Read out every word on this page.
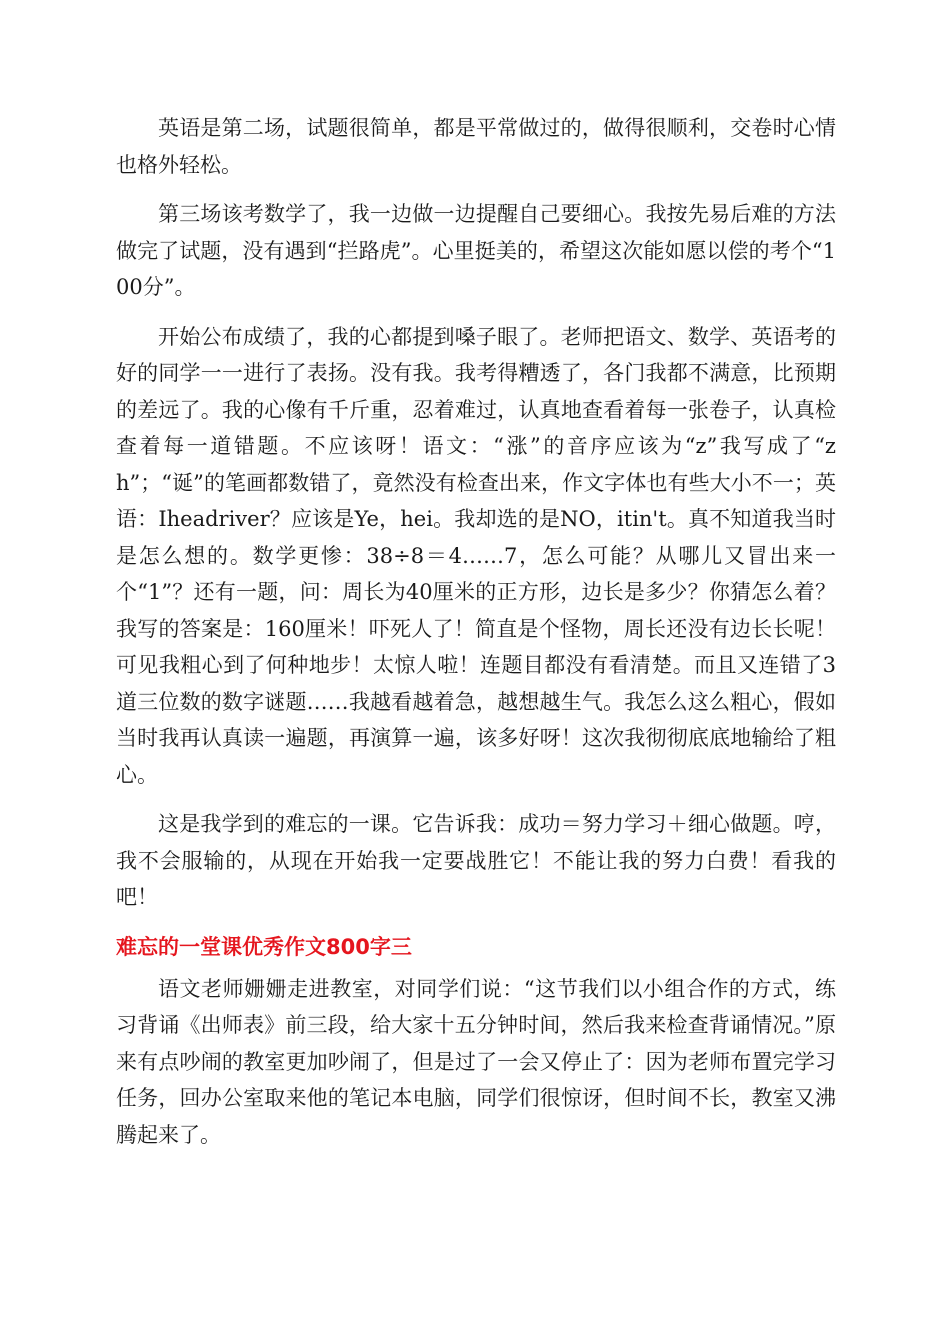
英语是第二场，试题很简单，都是平常做过的，做得很顺利，交卷时心情也格外轻松。

第三场该考数学了，我一边做一边提醒自己要细心。我按先易后难的方法做完了试题，没有遇到“拦路虎”。心里挺美的，希望这次能如愿以偿的考个“100分”。

开始公布成绩了，我的心都提到嗓子眼了。老师把语文、数学、英语考的好的同学一一进行了表扬。没有我。我考得糟透了，各门我都不满意，比预期的差远了。我的心像有千斤重，忍着难过，认真地查看着每一张卷子，认真检查着每一道错题。不应该呀！语文：“涨”的音序应该为“z”我写成了“zh”；“诞”的笔画都数错了，竟然没有检查出来，作文字体也有些大小不一；英语：Iheadriver？应该是Ye，hei。我却选的是NO，itin't。真不知道我当时是怎么想的。数学更惨：38÷8＝4……7，怎么可能？从哪儿又冒出来一个“1”？还有一题，问：周长为40厘米的正方形，边长是多少？你猜怎么着？我写的答案是：160厘米！吓死人了！简直是个怪物，周长还没有边长长呢！可见我粗心到了何种地步！太惊人啦！连题目都没有看清楚。而且又连错了3道三位数的数字谜题……我越看越着急，越想越生气。我怎么这么粗心，假如当时我再认真读一遍题，再演算一遍，该多好呀！这次我彻彻底底地输给了粗心。

这是我学到的难忘的一课。它告诉我：成功＝努力学习＋细心做题。哼，我不会服输的，从现在开始我一定要战胜它！不能让我的努力白费！看我的吧！

难忘的一堂课优秀作文800字三

语文老师姗姗走进教室，对同学们说：“这节我们以小组合作的方式，练习背诵《出师表》前三段，给大家十五分钟时间，然后我来检查背诵情况。”原来有点吵闹的教室更加吵闹了，但是过了一会又停止了：因为老师布置完学习任务，回办公室取来他的笔记本电脑，同学们很惊讶，但时间不长，教室又沸腾起来了。
